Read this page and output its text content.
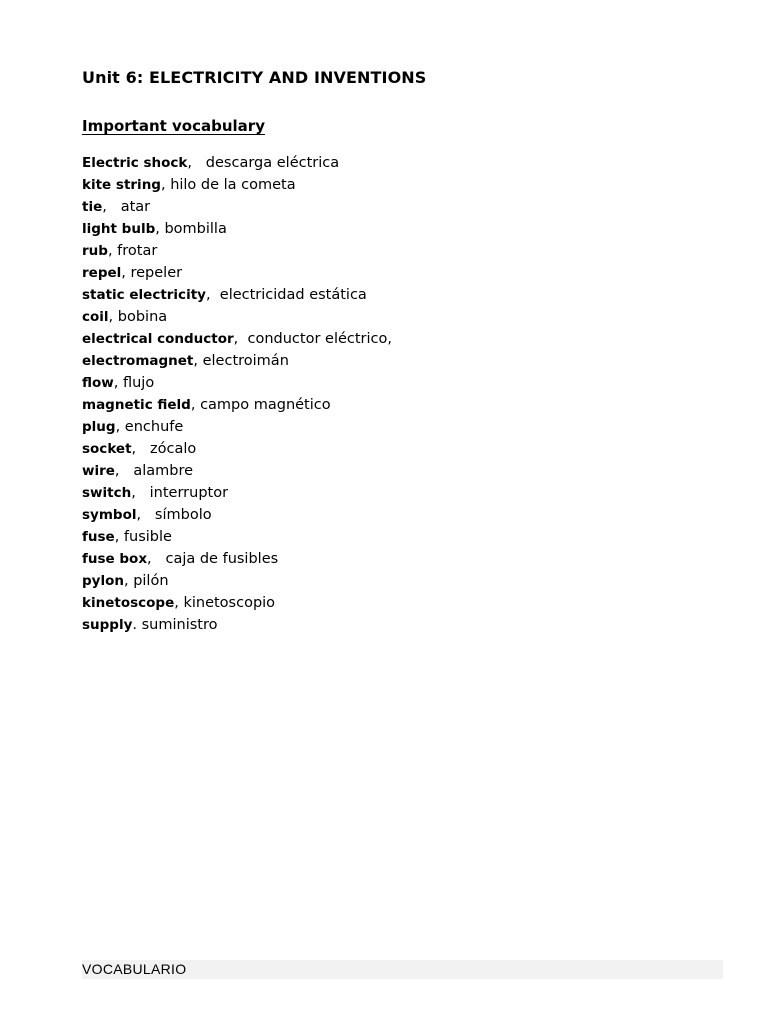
Unit 6: ELECTRICITY AND INVENTIONS
Important vocabulary
Electric shock,   descarga eléctrica
kite string, hilo de la cometa
tie,   atar
light bulb, bombilla
rub, frotar
repel, repeler
static electricity,  electricidad estática
coil, bobina
electrical conductor,  conductor eléctrico,
electromagnet, electroimán
flow, flujo
magnetic field, campo magnético
plug, enchufe
socket,   zócalo
wire,   alambre
switch,   interruptor
symbol,   símbolo
fuse, fusible
fuse box,   caja de fusibles
pylon, pilón
kinetoscope, kinetoscopio
supply. suministro
VOCABULARIO
